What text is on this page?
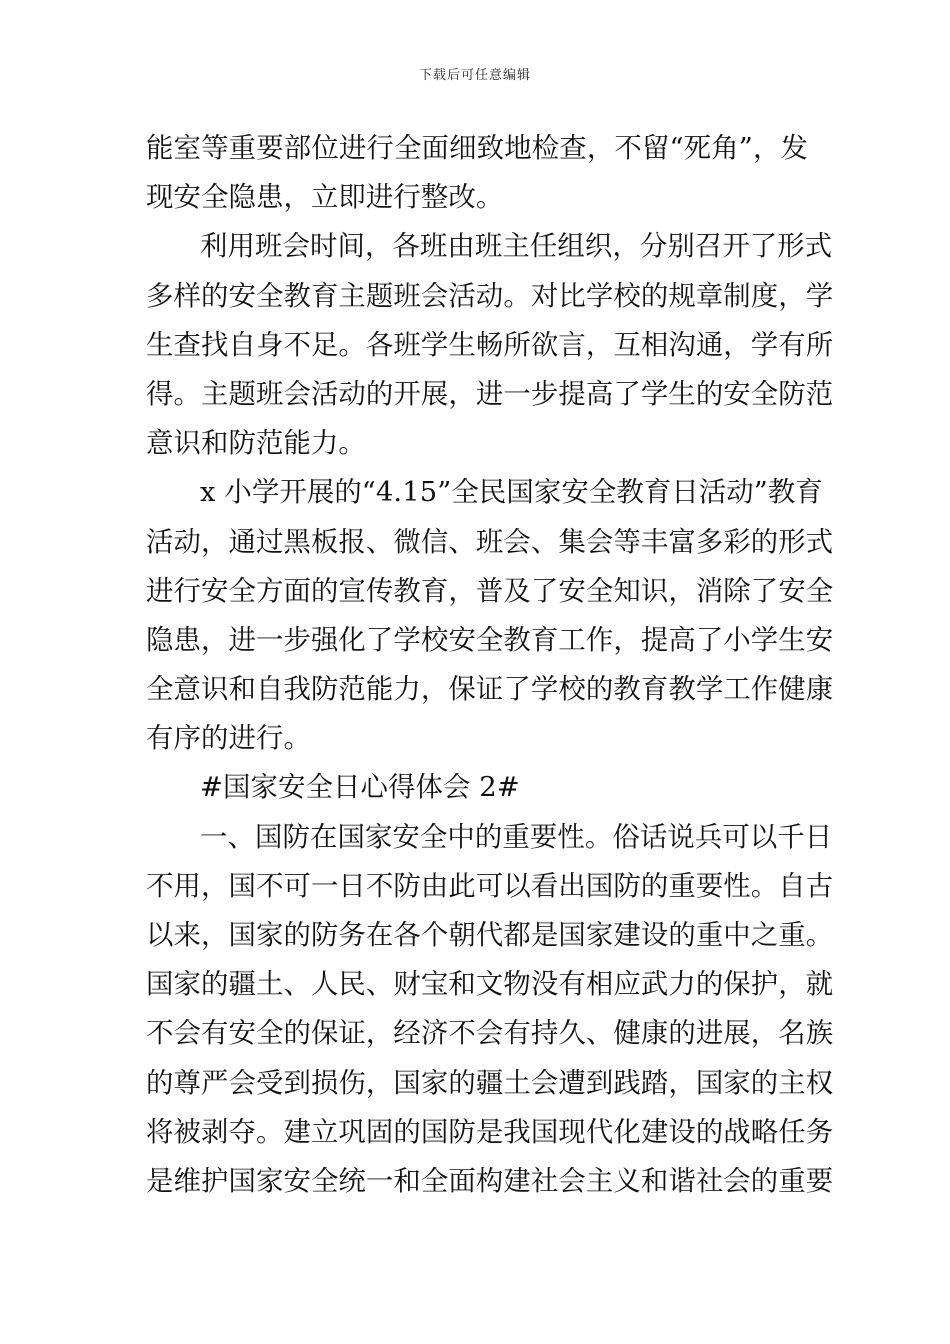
下载后可任意编辑
能室等重要部位进行全面细致地检查，不留“死角”，发
现安全隐患，立即进行整改。
利用班会时间，各班由班主任组织，分别召开了形式
多样的安全教育主题班会活动。对比学校的规章制度，学
生查找自身不足。各班学生畅所欲言，互相沟通，学有所
得。主题班会活动的开展，进一步提高了学生的安全防范
意识和防范能力。
x 小学开展的“4.15”全民国家安全教育日活动”教育
活动，通过黑板报、微信、班会、集会等丰富多彩的形式
进行安全方面的宣传教育，普及了安全知识，消除了安全
隐患，进一步强化了学校安全教育工作，提高了小学生安
全意识和自我防范能力，保证了学校的教育教学工作健康
有序的进行。
#国家安全日心得体会 2#
一、国防在国家安全中的重要性。俗话说兵可以千日
不用，国不可一日不防由此可以看出国防的重要性。自古
以来，国家的防务在各个朝代都是国家建设的重中之重。
国家的疆土、人民、财宝和文物没有相应武力的保护，就
不会有安全的保证，经济不会有持久、健康的进展，名族
的尊严会受到损伤，国家的疆土会遭到践踏，国家的主权
将被剥夺。建立巩固的国防是我国现代化建设的战略任务
是维护国家安全统一和全面构建社会主义和谐社会的重要
